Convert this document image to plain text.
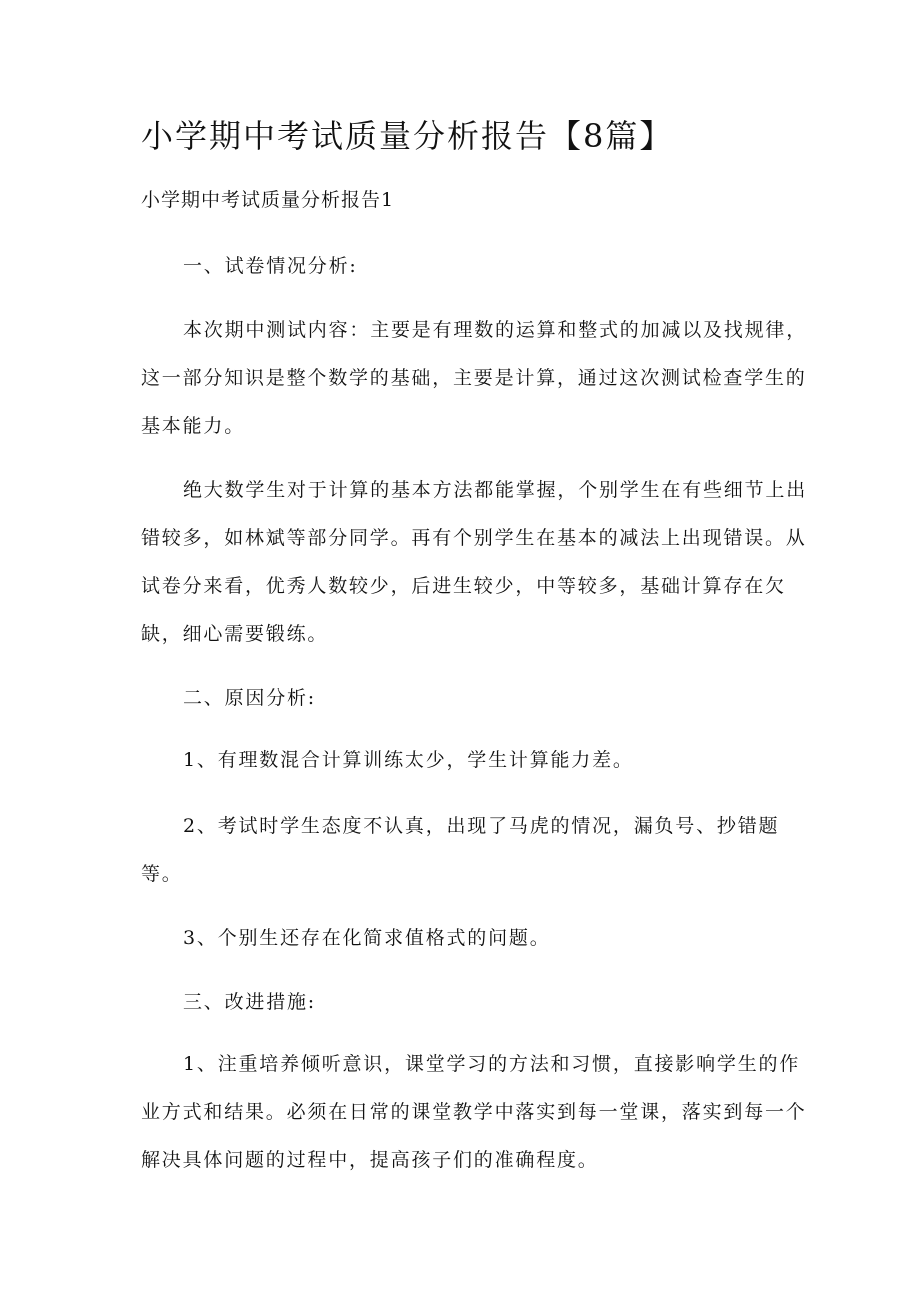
小学期中考试质量分析报告【8篇】

小学期中考试质量分析报告1

一、试卷情况分析:

本次期中测试内容：主要是有理数的运算和整式的加减以及找规律，这一部分知识是整个数学的基础，主要是计算，通过这次测试检查学生的基本能力。

绝大数学生对于计算的基本方法都能掌握，个别学生在有些细节上出错较多，如林斌等部分同学。再有个别学生在基本的减法上出现错误。从试卷分来看，优秀人数较少，后进生较少，中等较多，基础计算存在欠缺，细心需要锻练。

二、原因分析:

1、有理数混合计算训练太少，学生计算能力差。

2、考试时学生态度不认真，出现了马虎的情况，漏负号、抄错题等。

3、个别生还存在化简求值格式的问题。

三、改进措施:

1、注重培养倾听意识，课堂学习的方法和习惯，直接影响学生的作业方式和结果。必须在日常的课堂教学中落实到每一堂课，落实到每一个解决具体问题的过程中，提高孩子们的准确程度。
